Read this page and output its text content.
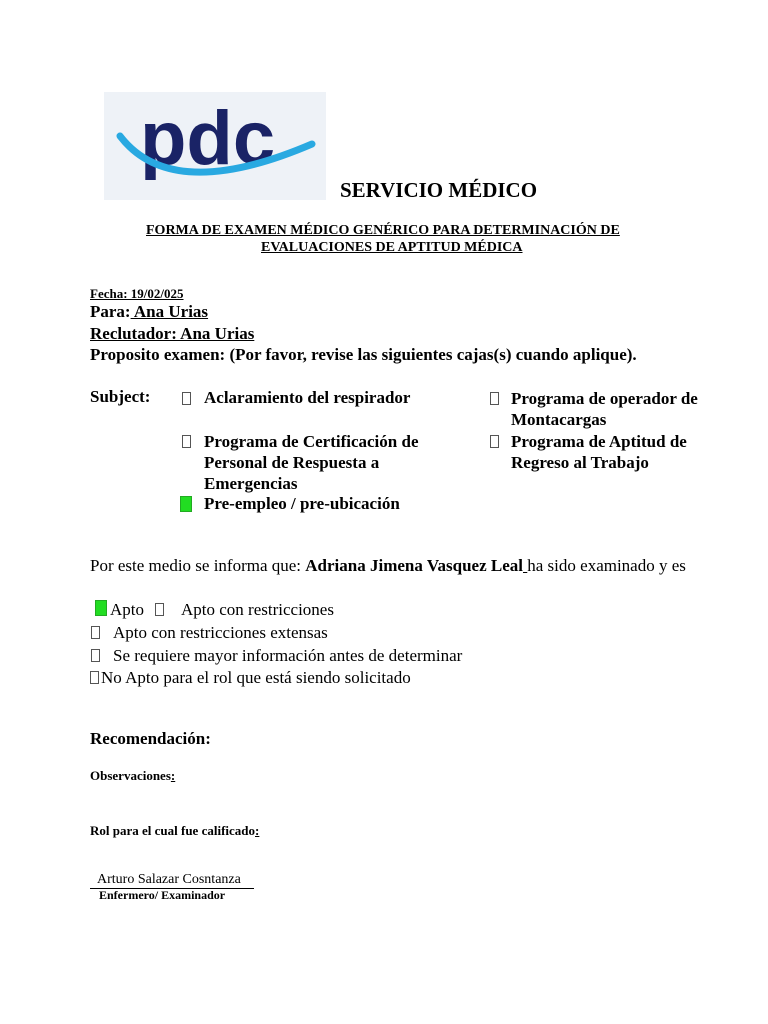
pdc
SERVICIO MÉDICO
FORMA DE EXAMEN MÉDICO GENÉRICO PARA DETERMINACIÓN DE
EVALUACIONES DE APTITUD MÉDICA
Fecha: 19/02/025
Para: Ana Urias
Reclutador: Ana Urias
Proposito examen: (Por favor, revise las siguientes cajas(s) cuando aplique).
Subject:	Aclaramiento del respirador	Programa de operador de
Montacargas
Programa de Certificación de
Personal de Respuesta a
Emergencias
Programa de Aptitud de
Regreso al Trabajo
Pre-empleo / pre-ubicación
Por este medio se informa que: Adriana Jimena Vasquez Leal ha sido examinado y es
Apto Apto con restricciones
Apto con restricciones extensas
Se requiere mayor información antes de determinar
No Apto para el rol que está siendo solicitado
Recomendación:
Observaciones:
Rol para el cual fue calificado:
Arturo Salazar Cosntanza
Enfermero/ Examinador
